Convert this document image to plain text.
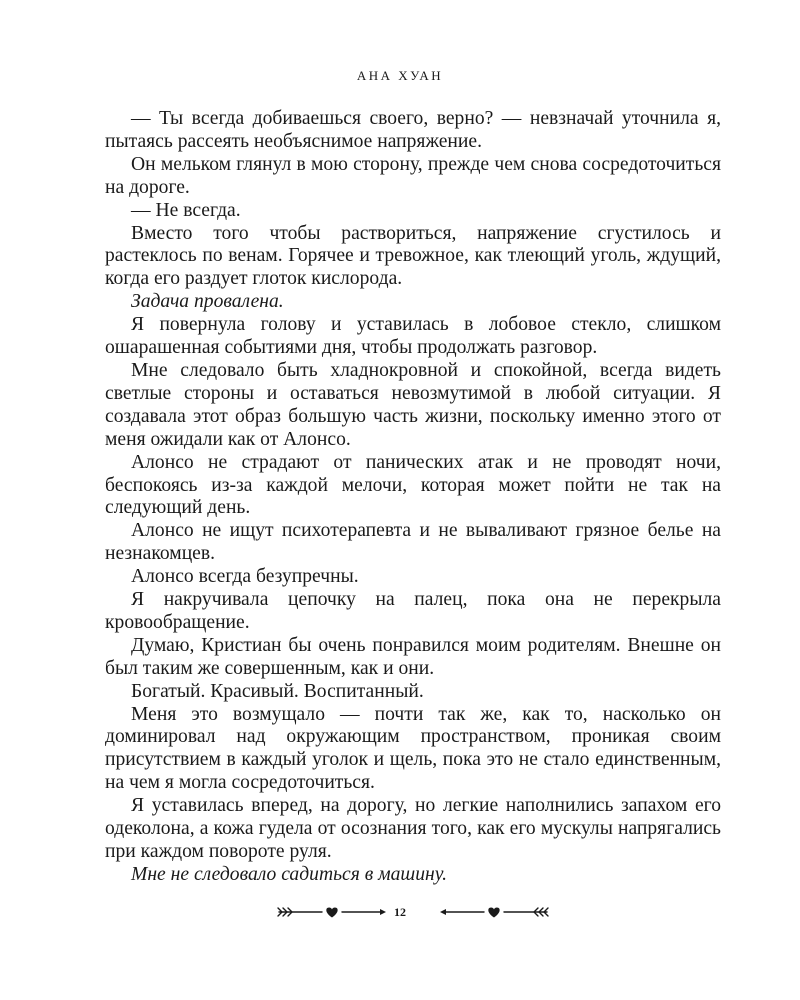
АНА ХУАН

— Ты всегда добиваешься своего, верно? — невзначай уточнила я, пытаясь рассеять необъяснимое напряжение.

Он мельком глянул в мою сторону, прежде чем снова сосредоточиться на дороге.

— Не всегда.

Вместо того чтобы раствориться, напряжение сгустилось и растеклось по венам. Горячее и тревожное, как тлеющий уголь, ждущий, когда его раздует глоток кислорода.

Задача провалена.

Я повернула голову и уставилась в лобовое стекло, слишком ошарашенная событиями дня, чтобы продолжать разговор.

Мне следовало быть хладнокровной и спокойной, всегда видеть светлые стороны и оставаться невозмутимой в любой ситуации. Я создавала этот образ большую часть жизни, поскольку именно этого от меня ожидали как от Алонсо.

Алонсо не страдают от панических атак и не проводят ночи, беспокоясь из-за каждой мелочи, которая может пойти не так на следующий день.

Алонсо не ищут психотерапевта и не вываливают грязное белье на незнакомцев.

Алонсо всегда безупречны.

Я накручивала цепочку на палец, пока она не перекрыла кровообращение.

Думаю, Кристиан бы очень понравился моим родителям. Внешне он был таким же совершенным, как и они.

Богатый. Красивый. Воспитанный.

Меня это возмущало — почти так же, как то, насколько он доминировал над окружающим пространством, проникая своим присутствием в каждый уголок и щель, пока это не стало единственным, на чем я могла сосредоточиться.

Я уставилась вперед, на дорогу, но легкие наполнились запахом его одеколона, а кожа гудела от осознания того, как его мускулы напрягались при каждом повороте руля.

Мне не следовало садиться в машину.

12
